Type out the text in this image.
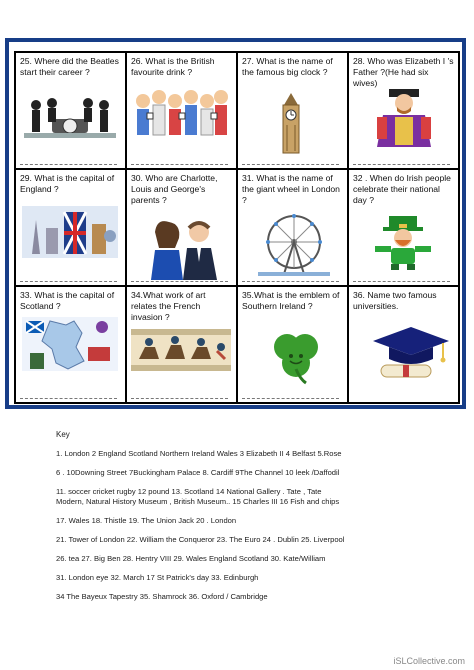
25. Where did the Beatles start their career ?
26. What is the British favourite drink ?
27. What is the name of the famous big clock ?
28. Who was Elizabeth I 's Father ?(He had six wives)
29. What is the capital of England ?
30. Who are Charlotte, Louis and George's parents ?
31. What is the name of the giant wheel in London ?
32 . When do Irish people celebrate their national day ?
33. What is the capital of Scotland ?
34.What work of art relates the French invasion ?
35.What is the emblem of Southern Ireland ?
36. Name two famous universities.
Key
1. London 2 England Scotland Northern Ireland Wales 3 Elizabeth II 4 Belfast 5.Rose
6 . 10Downing Street 7Buckingham Palace 8. Cardiff 9The Channel 10 leek /Daffodil
11. soccer cricket rugby 12 pound 13. Scotland 14 National Gallery . Tate , Tate
Modern, Natural History Museum , British Museum.. 15 Charles III 16 Fish and chips
17. Wales 18. Thistle 19. The Union Jack 20 . London
21. Tower of London 22. William the Conqueror 23. The Euro 24 . Dublin 25. Liverpool
26. tea 27. Big Ben 28. Hentry VIII 29. Wales England Scotland 30. Kate/William
31. London eye 32. March 17 St Patrick's day 33. Edinburgh
34 The Bayeux Tapestry 35. Shamrock 36. Oxford / Cambridge
iSLCollective.com
